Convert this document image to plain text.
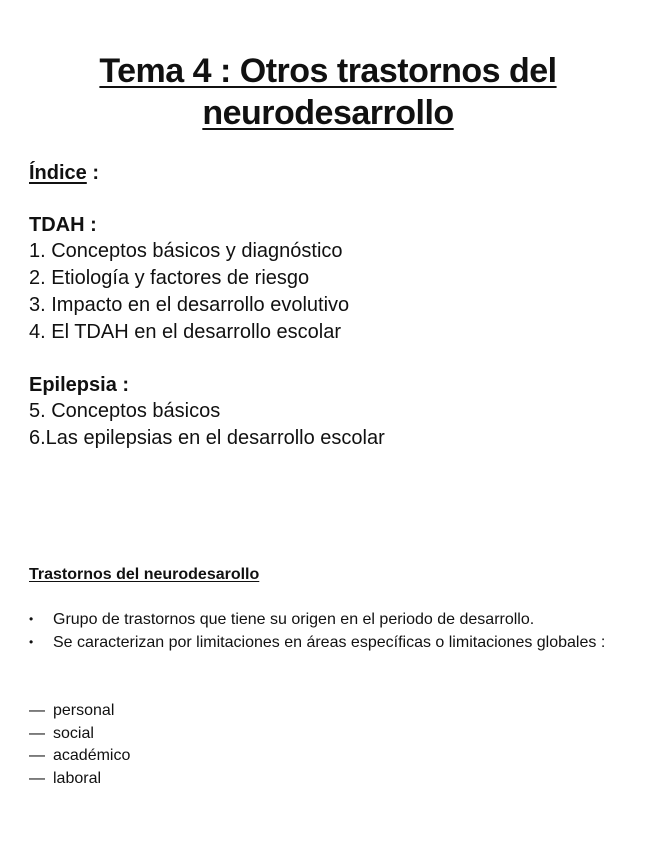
Tema 4 : Otros trastornos del
neurodesarrollo
Índice :
TDAH :
1. Conceptos básicos y diagnóstico
2. Etiología y factores de riesgo
3. Impacto en el desarrollo evolutivo
4. El TDAH en el desarrollo escolar
Epilepsia :
5. Conceptos básicos
6.Las epilepsias en el desarrollo escolar
Trastornos del neurodesarollo
•	Grupo de trastornos que tiene su origen en el periodo de desarrollo.
•	Se caracterizan por limitaciones en áreas específicas o limitaciones globales :
— personal
— social
— académico
— laboral
